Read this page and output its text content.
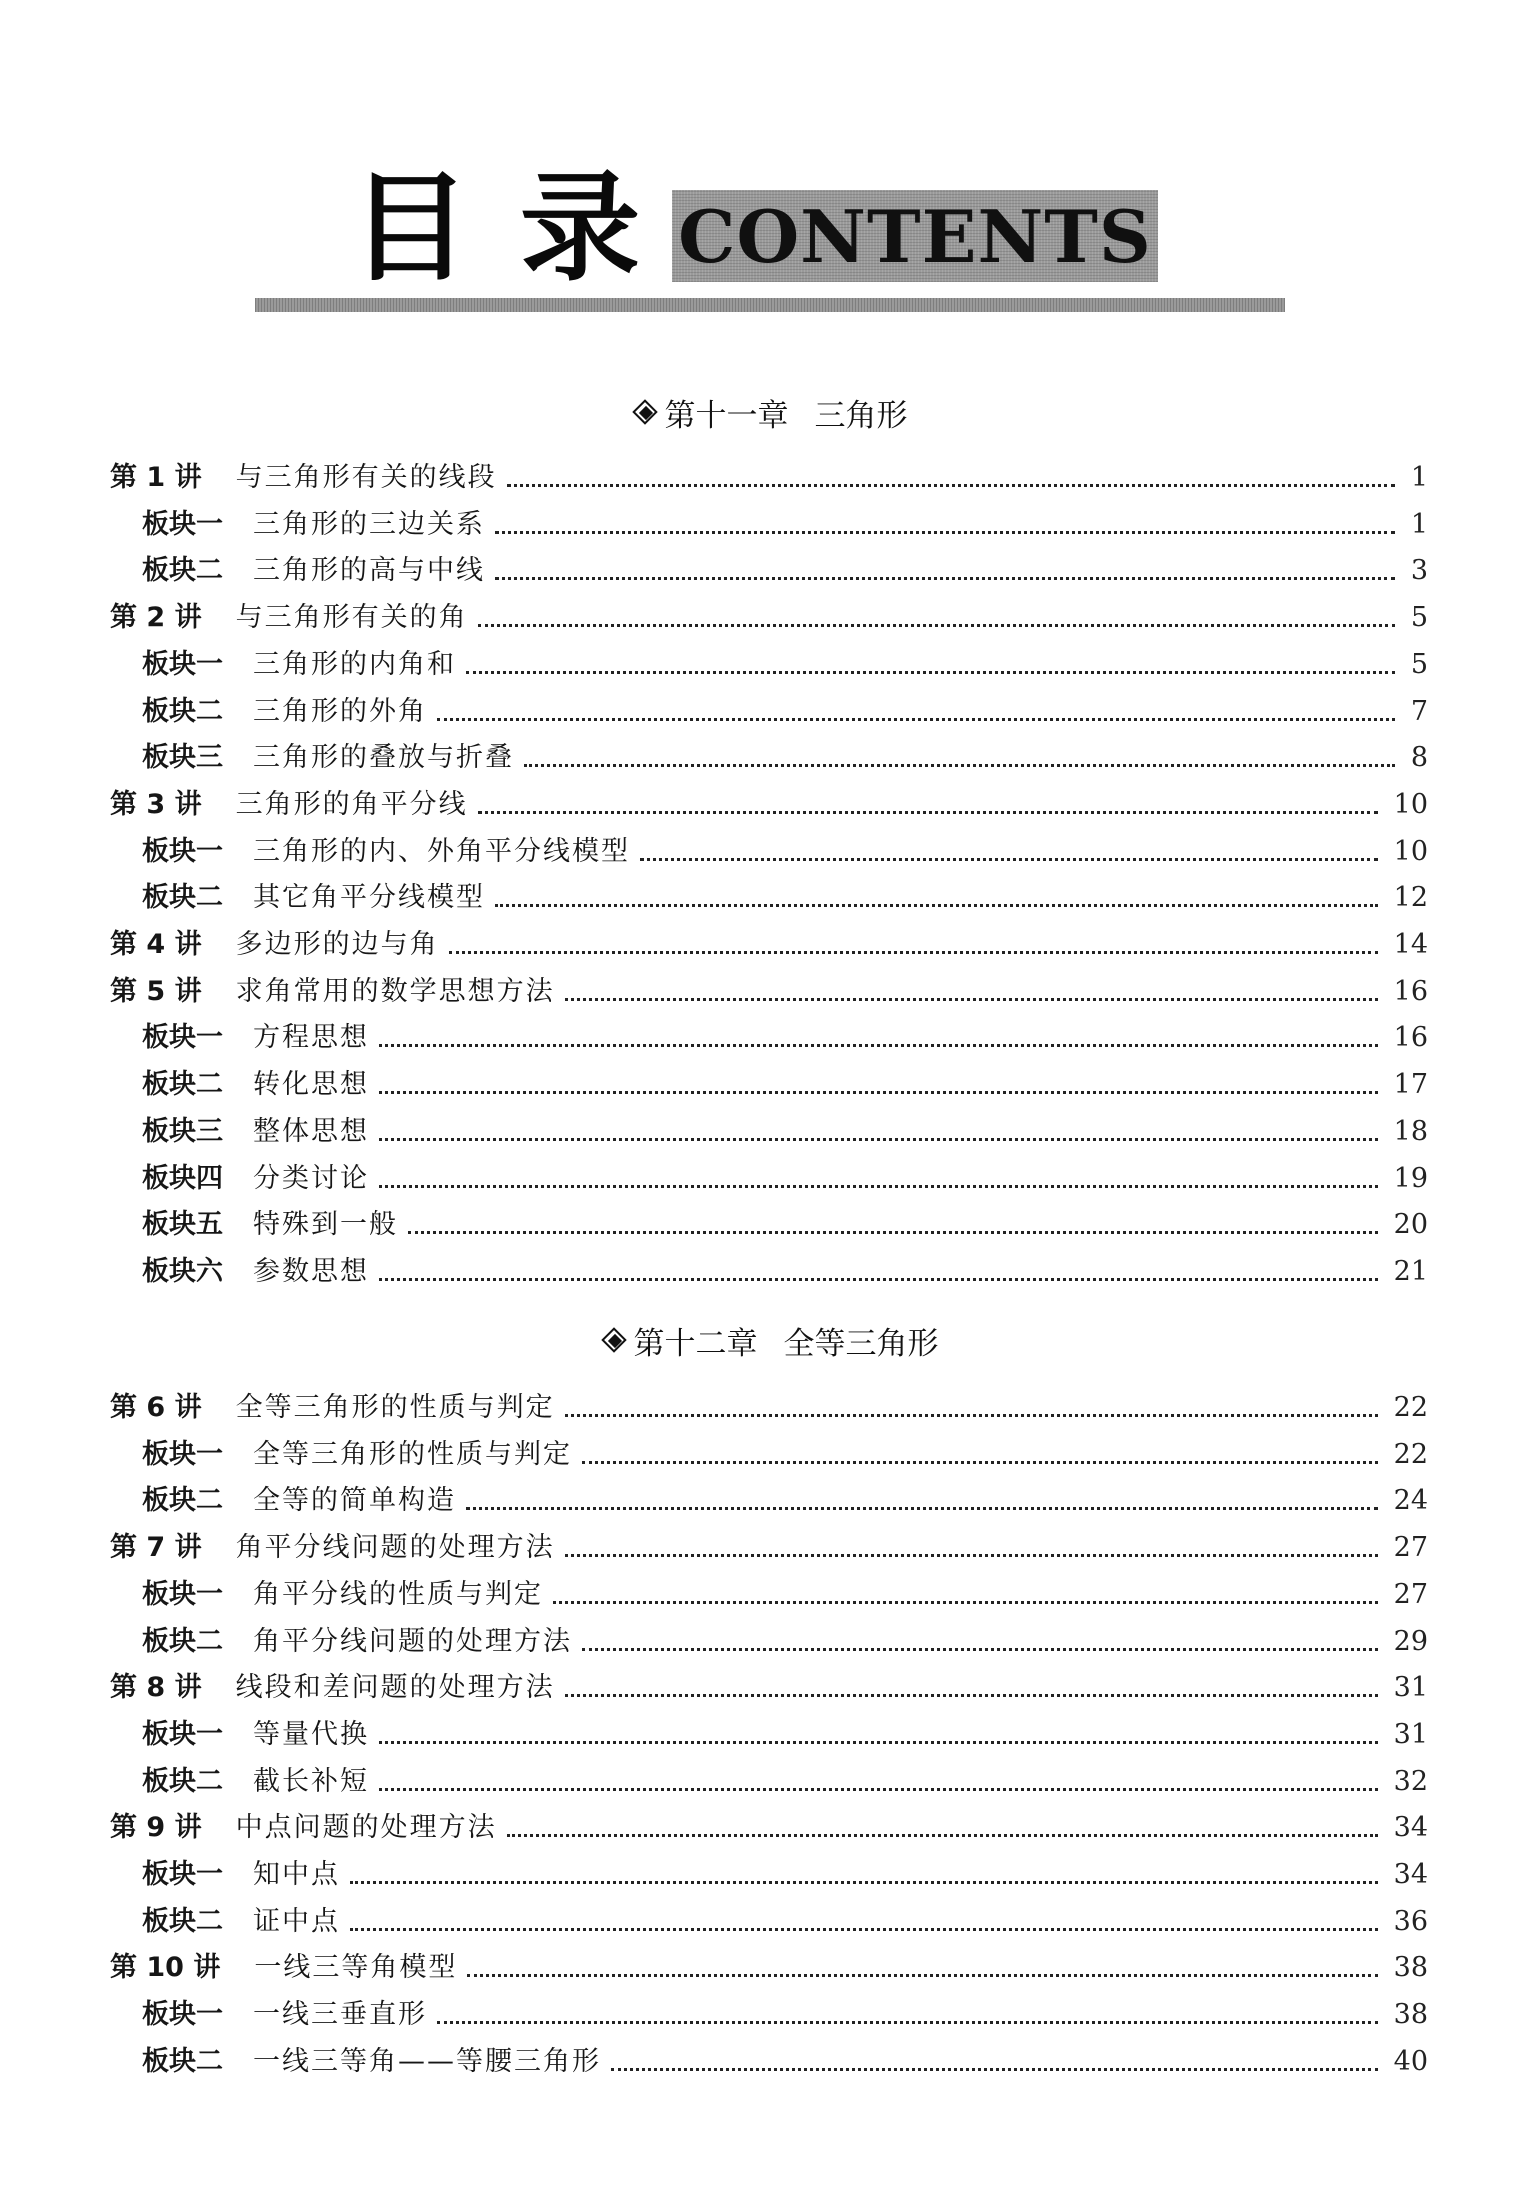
目 录 CONTENTS
第十一章 三角形
第 1 讲 与三角形有关的线段	1
板块一 三角形的三边关系	1
板块二 三角形的高与中线	3
第 2 讲 与三角形有关的角	5
板块一 三角形的内角和	5
板块二 三角形的外角	7
板块三 三角形的叠放与折叠	8
第 3 讲 三角形的角平分线	10
板块一 三角形的内、外角平分线模型	10
板块二 其它角平分线模型	12
第 4 讲 多边形的边与角	14
第 5 讲 求角常用的数学思想方法	16
板块一 方程思想	16
板块二 转化思想	17
板块三 整体思想	18
板块四 分类讨论	19
板块五 特殊到一般	20
板块六 参数思想	21
第十二章 全等三角形
第 6 讲 全等三角形的性质与判定	22
板块一 全等三角形的性质与判定	22
板块二 全等的简单构造	24
第 7 讲 角平分线问题的处理方法	27
板块一 角平分线的性质与判定	27
板块二 角平分线问题的处理方法	29
第 8 讲 线段和差问题的处理方法	31
板块一 等量代换	31
板块二 截长补短	32
第 9 讲 中点问题的处理方法	34
板块一 知中点	34
板块二 证中点	36
第 10 讲 一线三等角模型	38
板块一 一线三垂直形	38
板块二 一线三等角——等腰三角形	40
